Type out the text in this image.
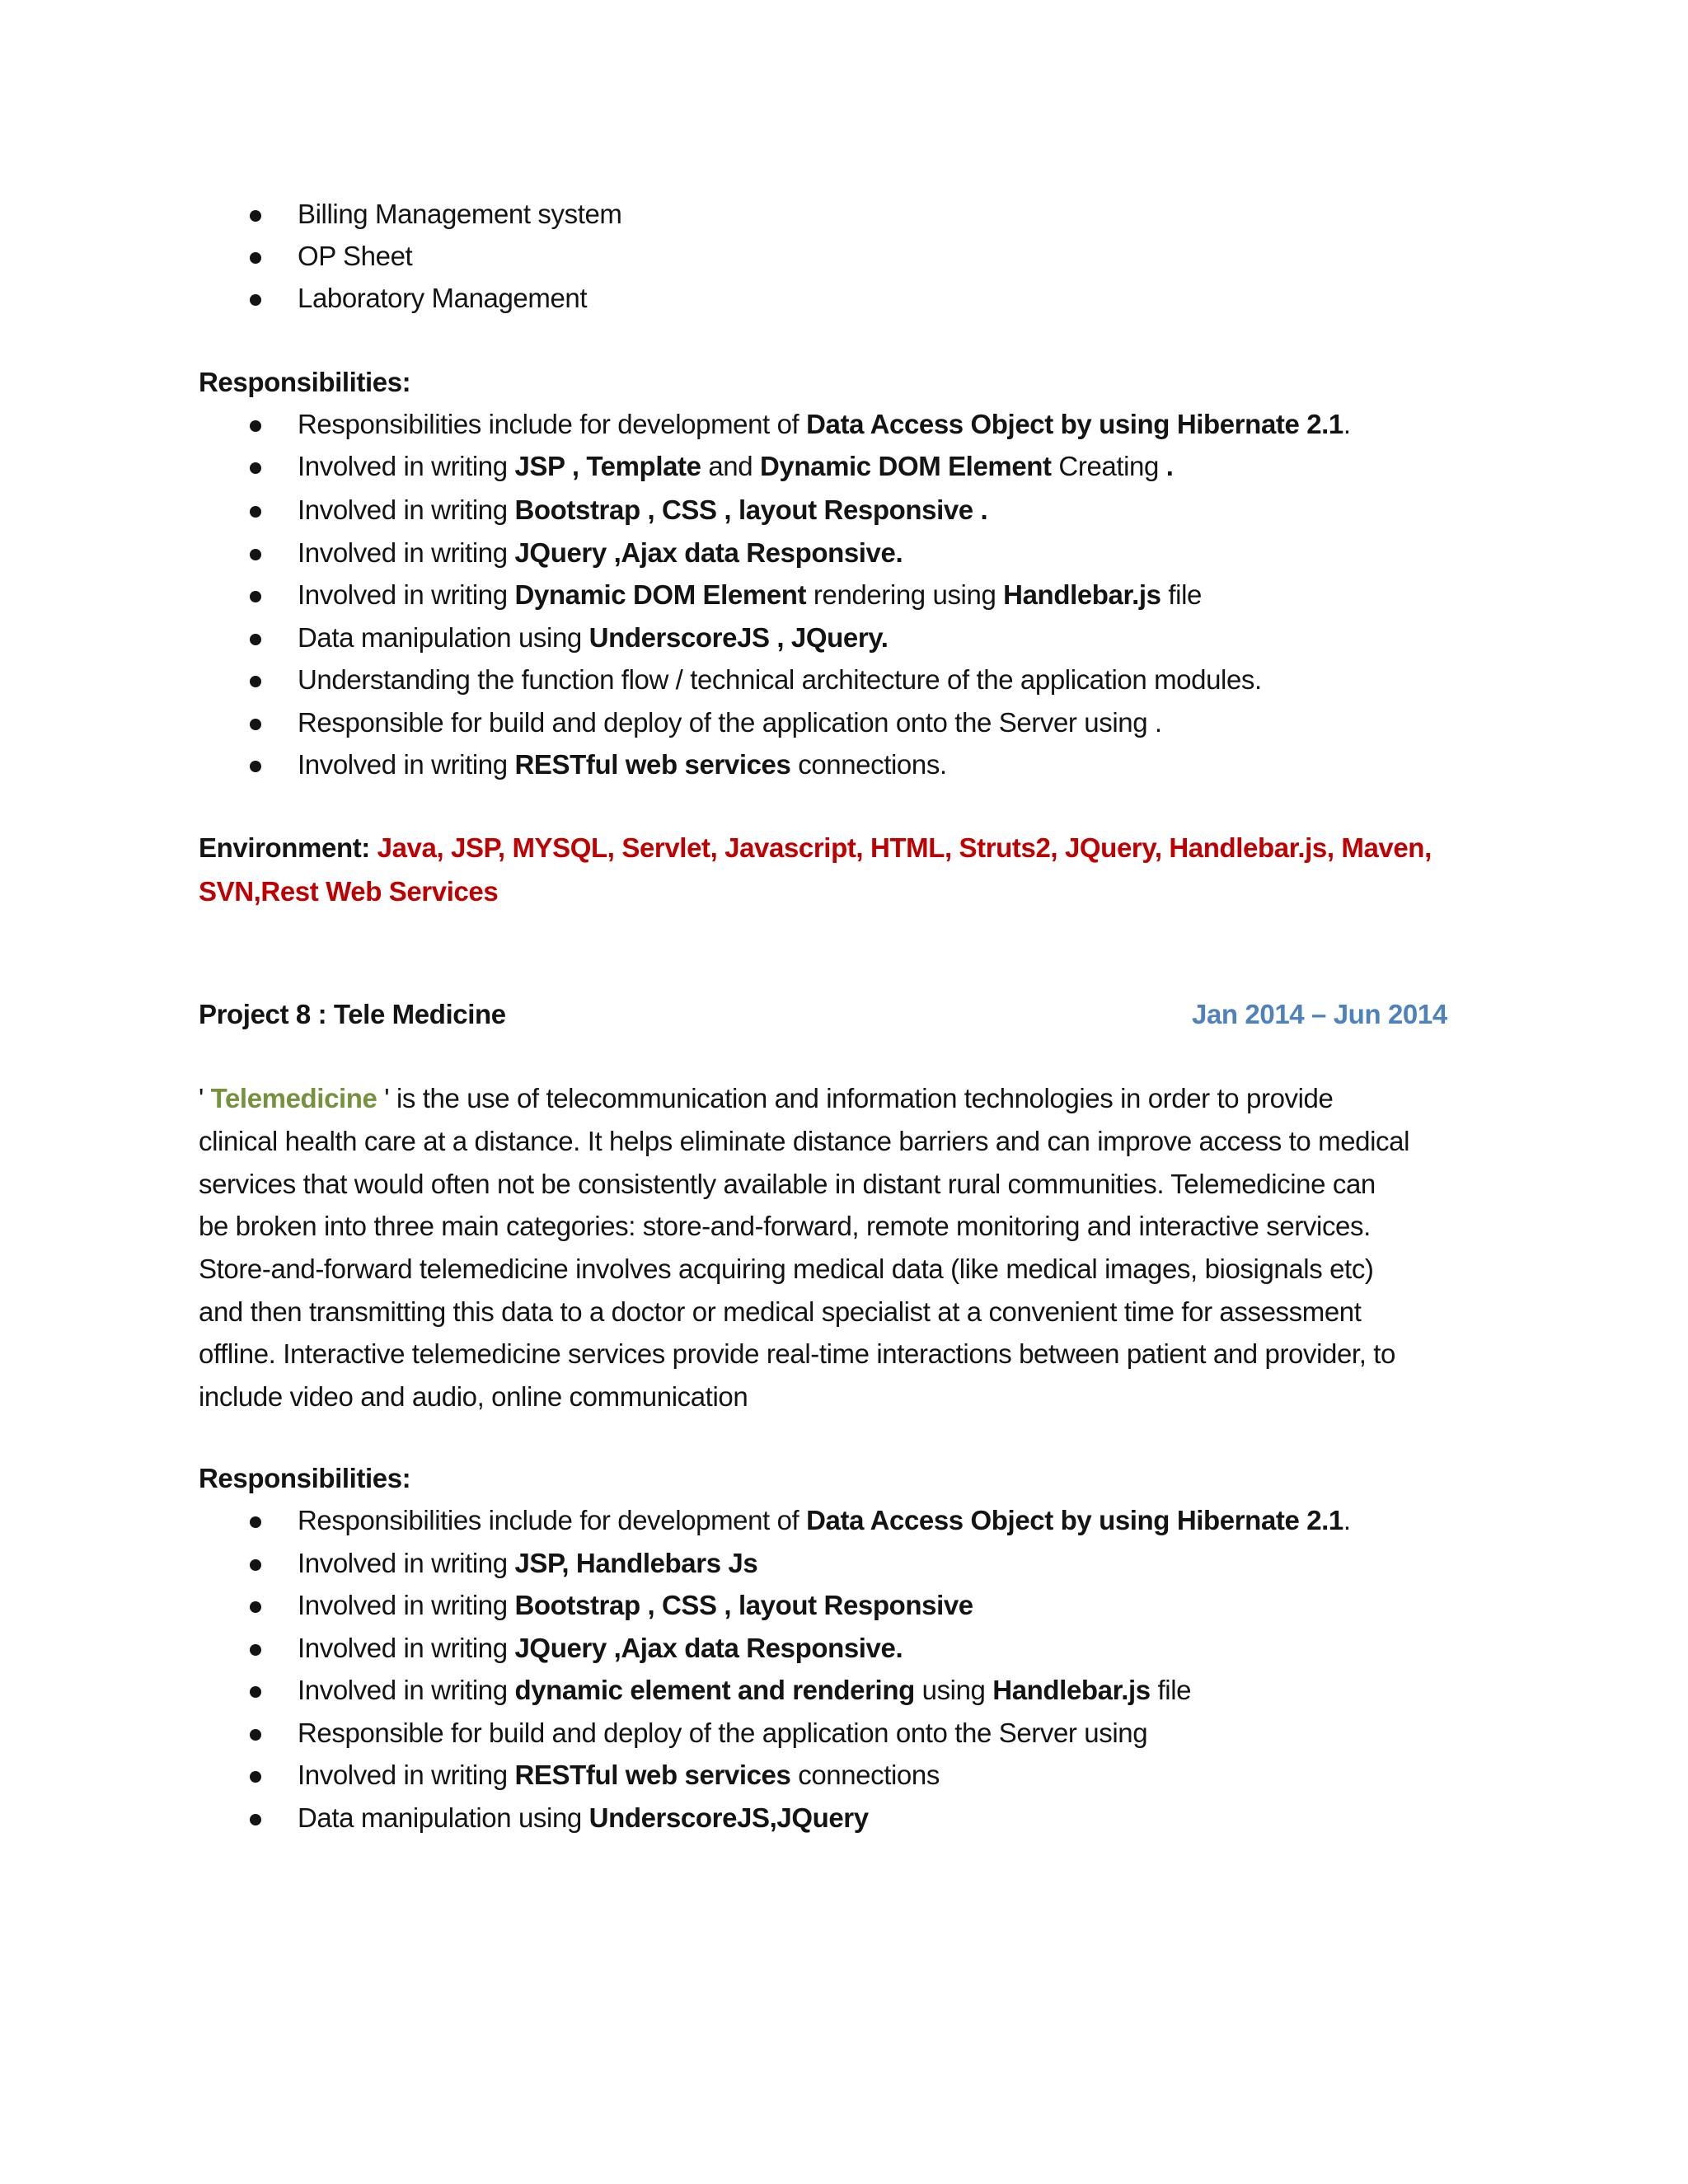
Billing Management system
OP Sheet
Laboratory Management
Responsibilities:
Responsibilities include for development of Data Access Object by using Hibernate 2.1.
Involved in writing JSP , Template and Dynamic DOM Element Creating .
Involved in writing Bootstrap , CSS , layout Responsive .
Involved in writing JQuery ,Ajax data Responsive.
Involved in writing Dynamic DOM Element rendering using Handlebar.js file
Data manipulation using UnderscoreJS , JQuery.
Understanding the function flow / technical architecture of the application modules.
Responsible for build and deploy of the application onto the Server using .
Involved in writing RESTful web services connections.
Environment: Java, JSP, MYSQL, Servlet, Javascript, HTML, Struts2, JQuery, Handlebar.js, Maven,
SVN,Rest Web Services
Project 8 : Tele Medicine	Jan 2014 – Jun 2014
' Telemedicine ' is the use of telecommunication and information technologies in order to provide
clinical health care at a distance. It helps eliminate distance barriers and can improve access to medical
services that would often not be consistently available in distant rural communities. Telemedicine can
be broken into three main categories: store-and-forward, remote monitoring and interactive services.
Store-and-forward telemedicine involves acquiring medical data (like medical images, biosignals etc)
and then transmitting this data to a doctor or medical specialist at a convenient time for assessment
offline. Interactive telemedicine services provide real-time interactions between patient and provider, to
include video and audio, online communication
Responsibilities:
Responsibilities include for development of Data Access Object by using Hibernate 2.1.
Involved in writing JSP, Handlebars Js
Involved in writing Bootstrap , CSS , layout Responsive
Involved in writing JQuery ,Ajax data Responsive.
Involved in writing dynamic element and rendering using Handlebar.js file
Responsible for build and deploy of the application onto the Server using
Involved in writing RESTful web services connections
Data manipulation using UnderscoreJS,JQuery
